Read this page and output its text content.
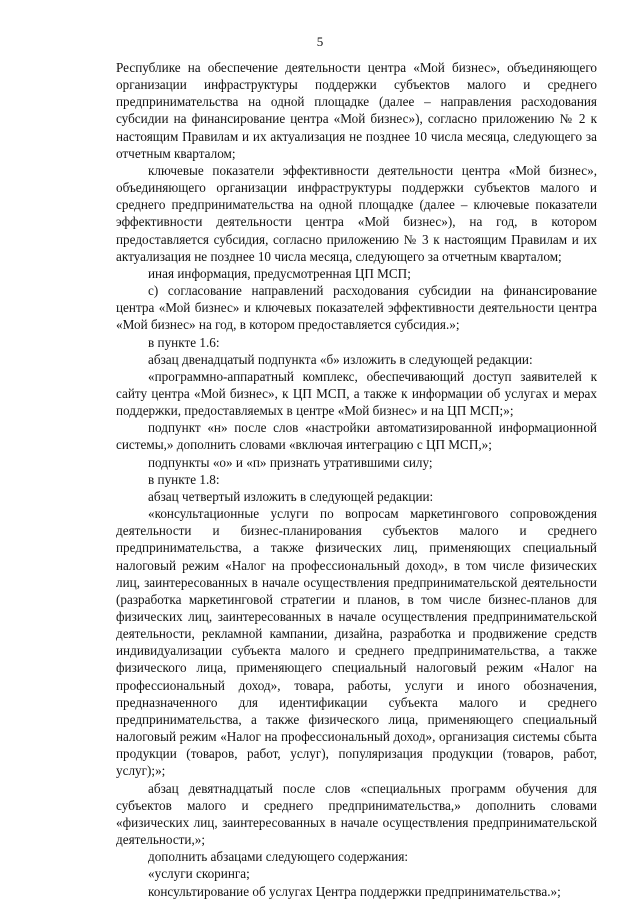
5

Республике на обеспечение деятельности центра «Мой бизнес», объединяющего организации инфраструктуры поддержки субъектов малого и среднего предпринимательства на одной площадке (далее – направления расходования субсидии на финансирование центра «Мой бизнес»), согласно приложению № 2 к настоящим Правилам и их актуализация не позднее 10 числа месяца, следующего за отчетным кварталом;

ключевые показатели эффективности деятельности центра «Мой бизнес», объединяющего организации инфраструктуры поддержки субъектов малого и среднего предпринимательства на одной площадке (далее – ключевые показатели эффективности деятельности центра «Мой бизнес»), на год, в котором предоставляется субсидия, согласно приложению № 3 к настоящим Правилам и их актуализация не позднее 10 числа месяца, следующего за отчетным кварталом;

иная информация, предусмотренная ЦП МСП;

с) согласование направлений расходования субсидии на финансирование центра «Мой бизнес» и ключевых показателей эффективности деятельности центра «Мой бизнес» на год, в котором предоставляется субсидия.»;

в пункте 1.6:

абзац двенадцатый подпункта «б» изложить в следующей редакции:

«программно-аппаратный комплекс, обеспечивающий доступ заявителей к сайту центра «Мой бизнес», к ЦП МСП, а также к информации об услугах и мерах поддержки, предоставляемых в центре «Мой бизнес» и на ЦП МСП;»;

подпункт «н» после слов «настройки автоматизированной информационной системы,» дополнить словами «включая интеграцию с ЦП МСП,»;

подпункты «о» и «п» признать утратившими силу;

в пункте 1.8:

абзац четвертый изложить в следующей редакции:

«консультационные услуги по вопросам маркетингового сопровождения деятельности и бизнес-планирования субъектов малого и среднего предпринимательства, а также физических лиц, применяющих специальный налоговый режим «Налог на профессиональный доход», в том числе физических лиц, заинтересованных в начале осуществления предпринимательской деятельности (разработка маркетинговой стратегии и планов, в том числе бизнес-планов для физических лиц, заинтересованных в начале осуществления предпринимательской деятельности, рекламной кампании, дизайна, разработка и продвижение средств индивидуализации субъекта малого и среднего предпринимательства, а также физического лица, применяющего специальный налоговый режим «Налог на профессиональный доход», товара, работы, услуги и иного обозначения, предназначенного для идентификации субъекта малого и среднего предпринимательства, а также физического лица, применяющего специальный налоговый режим «Налог на профессиональный доход», организация системы сбыта продукции (товаров, работ, услуг), популяризация продукции (товаров, работ, услуг);»;

абзац девятнадцатый после слов «специальных программ обучения для субъектов малого и среднего предпринимательства,» дополнить словами «физических лиц, заинтересованных в начале осуществления предпринимательской деятельности,»;

дополнить абзацами следующего содержания:

«услуги скоринга;

консультирование об услугах Центра поддержки предпринимательства.»;
